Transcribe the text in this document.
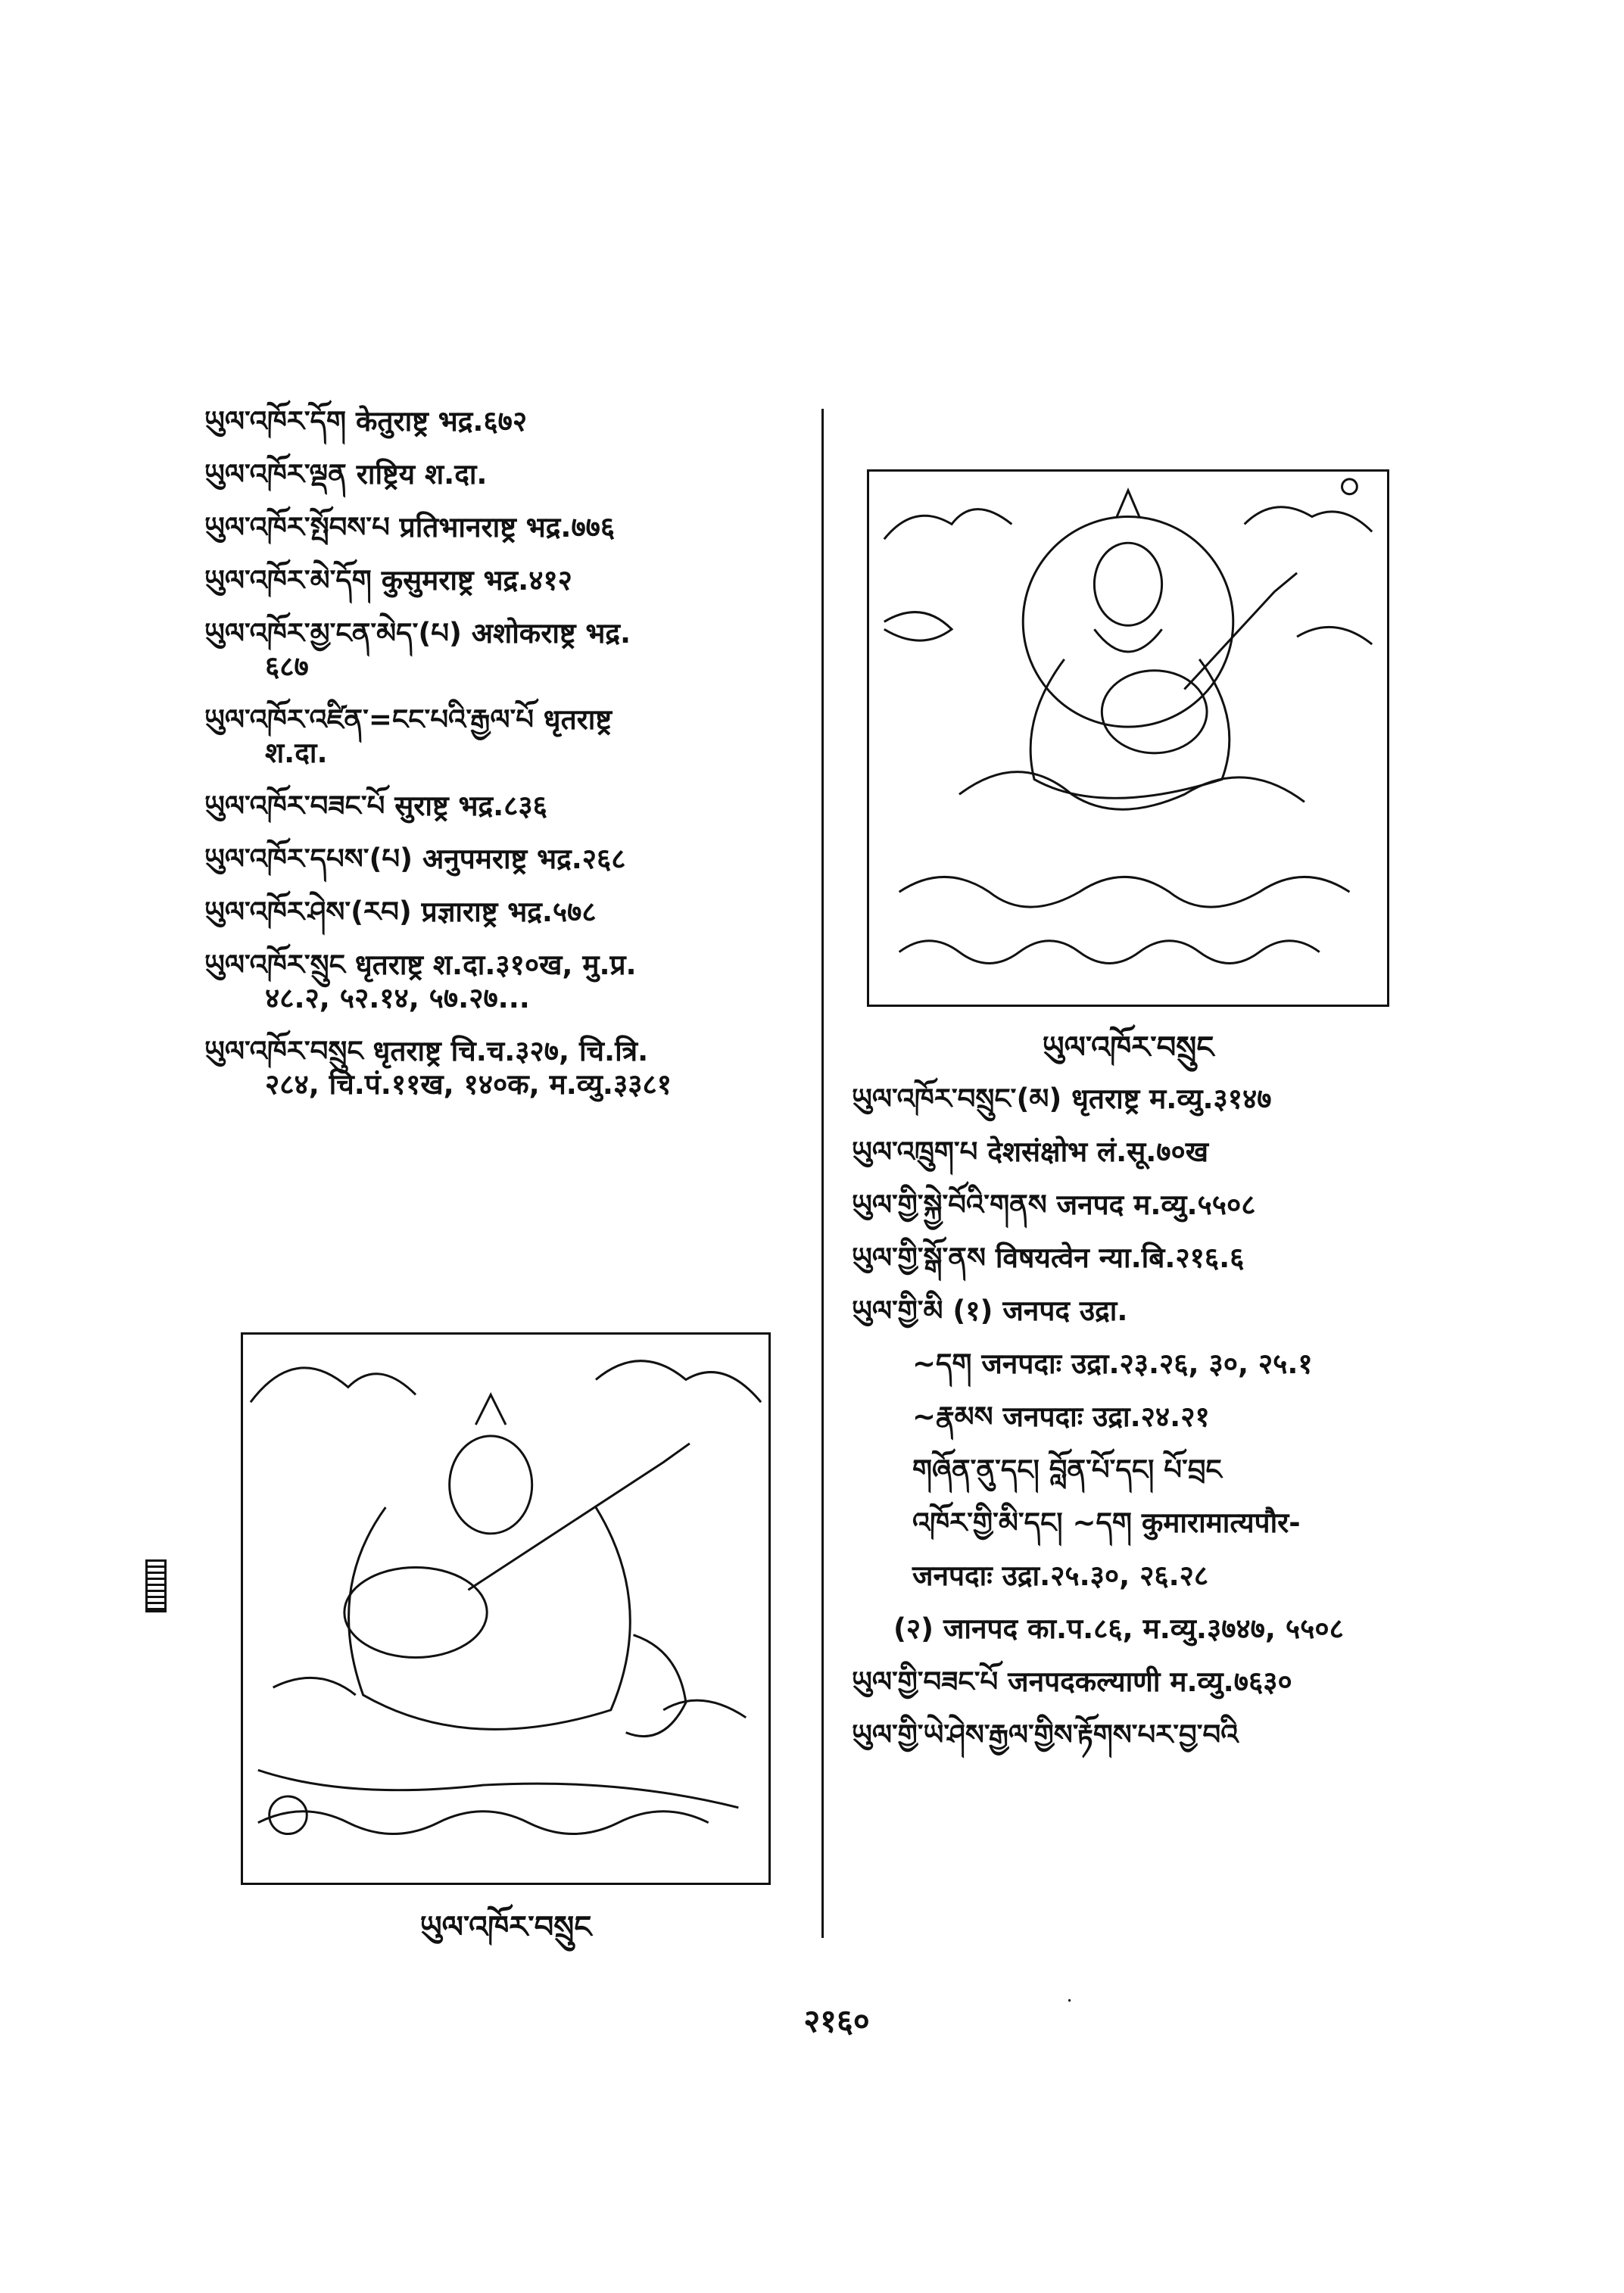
ཡུལ་འཁོར་དོག केतुराष्ट्र भद्र.६७२
ཡུལ་འཁོར་ལྡན राष्ट्रिय श.दा.
ཡུལ་འཁོར་སྤོབས་པ प्रतिभानराष्ट्र भद्र.७७६
ཡུལ་འཁོར་མེ་དོག कुसुमराष्ट्र भद्र.४१२
ཡུལ་འཁོར་མྱ་ངན་མེད་(པ) अशोकराष्ट्र भद्र.
६८७
ཡུལ་འཁོར་འཛིན་=ངང་པའི་རྒྱལ་པོ धृतराष्ट्र
श.दा.
ཡུལ་འཁོར་བཟང་པོ सुराष्ट्र भद्र.८३६
ཡུལ་འཁོར་དཔས་(པ) अनुपमराष्ट्र भद्र.२६८
ཡུལ་འཁོར་ཤེས་(རབ) प्रज्ञाराष्ट्र भद्र.५७८
ཡུལ་འཁོར་སྲུང धृतराष्ट्र श.दा.३१०ख, मु.प्र.
४८.२, ५२.१४, ५७.२७...
ཡུལ་འཁོར་བསྲུང धृतराष्ट्र चि.च.३२७, चि.त्रि.
२८४, चि.पं.११ख, १४०क, म.व्यु.३३८१
ཡུལ་འཁོར་བསྲུང
ཡུལ་འཁོར་བསྲུང་(མ) धृतराष्ट्र म.व्यु.३१४७
ཡུལ་འཁྲུག་པ देशसंक्षोभ लं.सू.७०ख
ཡུལ་གྱི་སྐྱེ་བོའི་གནས जनपद म.व्यु.५५०८
ཡུལ་གྱི་སྒོ་ནས विषयत्वेन न्या.बि.२१६.६
ཡུལ་གྱི་མི (१) जनपद उद्रा.
~དག जनपदाः उद्रा.२३.२६, ३०, २५.१
~རྣམས जनपदाः उद्रा.२४.२१
གཞོན་ནུ་དང། བློན་པོ་དང། པོ་བྲང
འཁོར་གྱི་མི་དང། ~དག कुमारामात्यपौर-
जनपदाः उद्रा.२५.३०, २६.२८
(२) जानपद का.प.८६, म.व्यु.३७४७, ५५०८
ཡུལ་གྱི་བཟང་པོ जनपदकल्याणी म.व्यु.७६३०
ཡུལ་གྱི་ཡེ་ཤེས་རྒྱལ་གྱིས་རྟོགས་པར་བྱ་བའི
ཡུལ་འཁོར་བསྲུང
२१६०	ॱ
